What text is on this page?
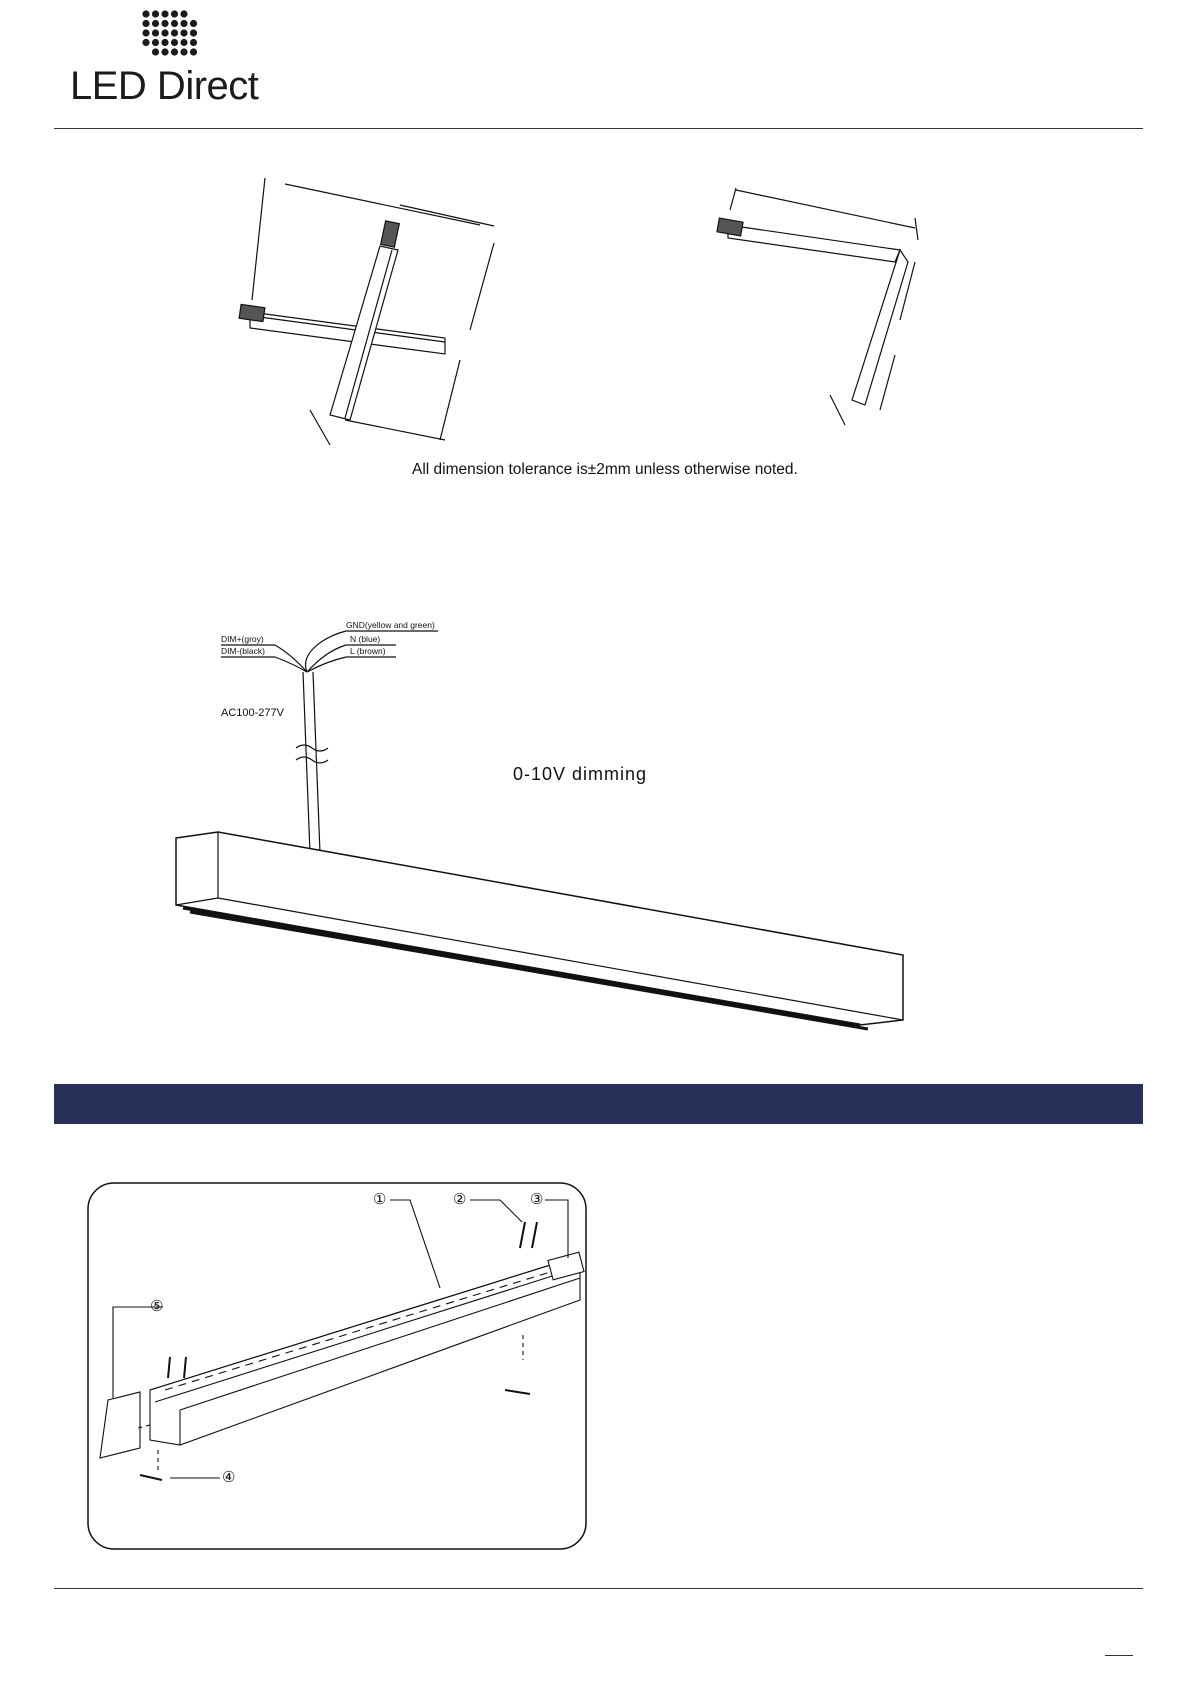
LED Direct
All dimension tolerance is±2mm unless otherwise noted.
GND(yellow and green)
DIM+(groy)	N (blue)
DIM-(black)	L (brown)
AC100-277V
0-10V dimming
①	②	③
④
⑤
